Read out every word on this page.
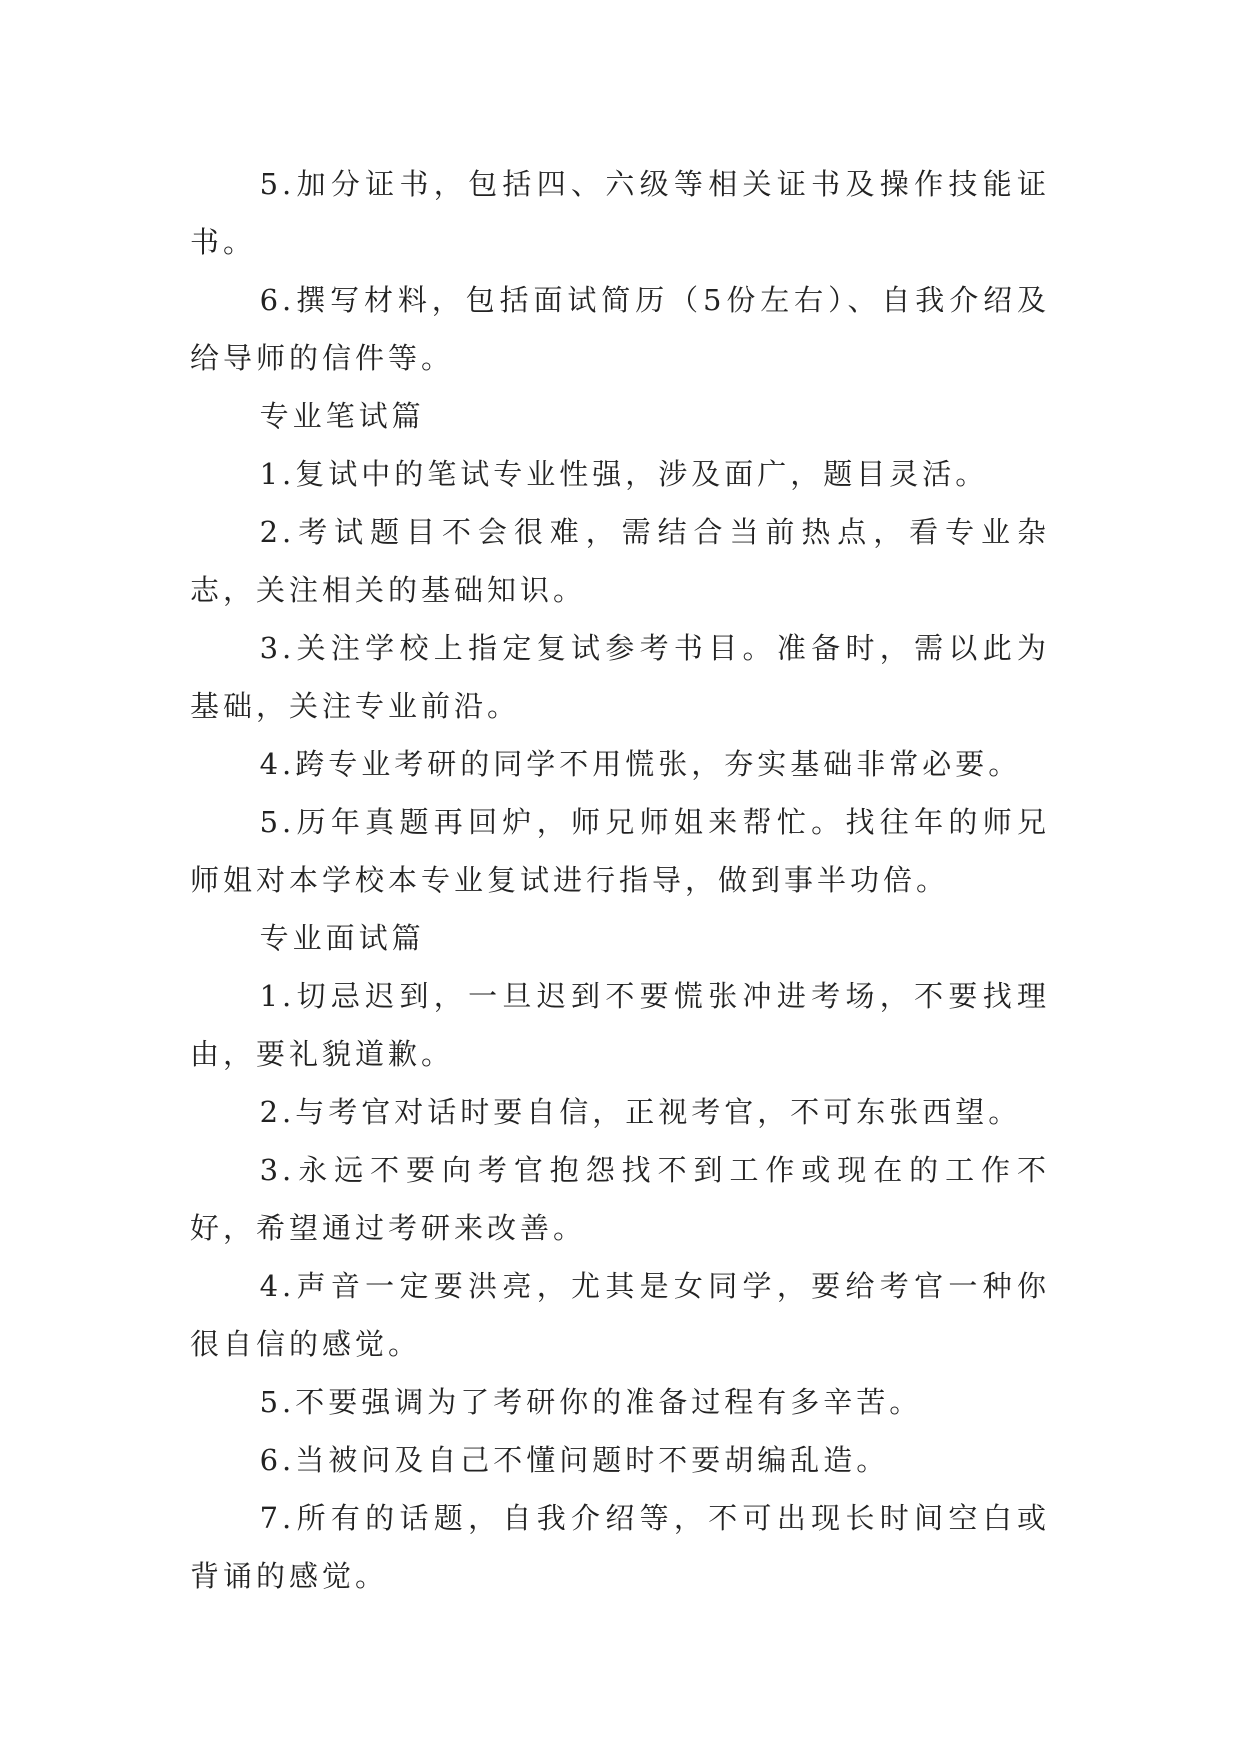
5.加分证书，包括四、六级等相关证书及操作技能证书。

6.撰写材料，包括面试简历（5份左右）、自我介绍及给导师的信件等。

专业笔试篇

1.复试中的笔试专业性强，涉及面广，题目灵活。

2.考试题目不会很难，需结合当前热点，看专业杂志，关注相关的基础知识。

3.关注学校上指定复试参考书目。准备时，需以此为基础，关注专业前沿。

4.跨专业考研的同学不用慌张，夯实基础非常必要。

5.历年真题再回炉，师兄师姐来帮忙。找往年的师兄师姐对本学校本专业复试进行指导，做到事半功倍。

专业面试篇

1.切忌迟到，一旦迟到不要慌张冲进考场，不要找理由，要礼貌道歉。

2.与考官对话时要自信，正视考官，不可东张西望。

3.永远不要向考官抱怨找不到工作或现在的工作不好，希望通过考研来改善。

4.声音一定要洪亮，尤其是女同学，要给考官一种你很自信的感觉。

5.不要强调为了考研你的准备过程有多辛苦。

6.当被问及自己不懂问题时不要胡编乱造。

7.所有的话题，自我介绍等，不可出现长时间空白或背诵的感觉。
